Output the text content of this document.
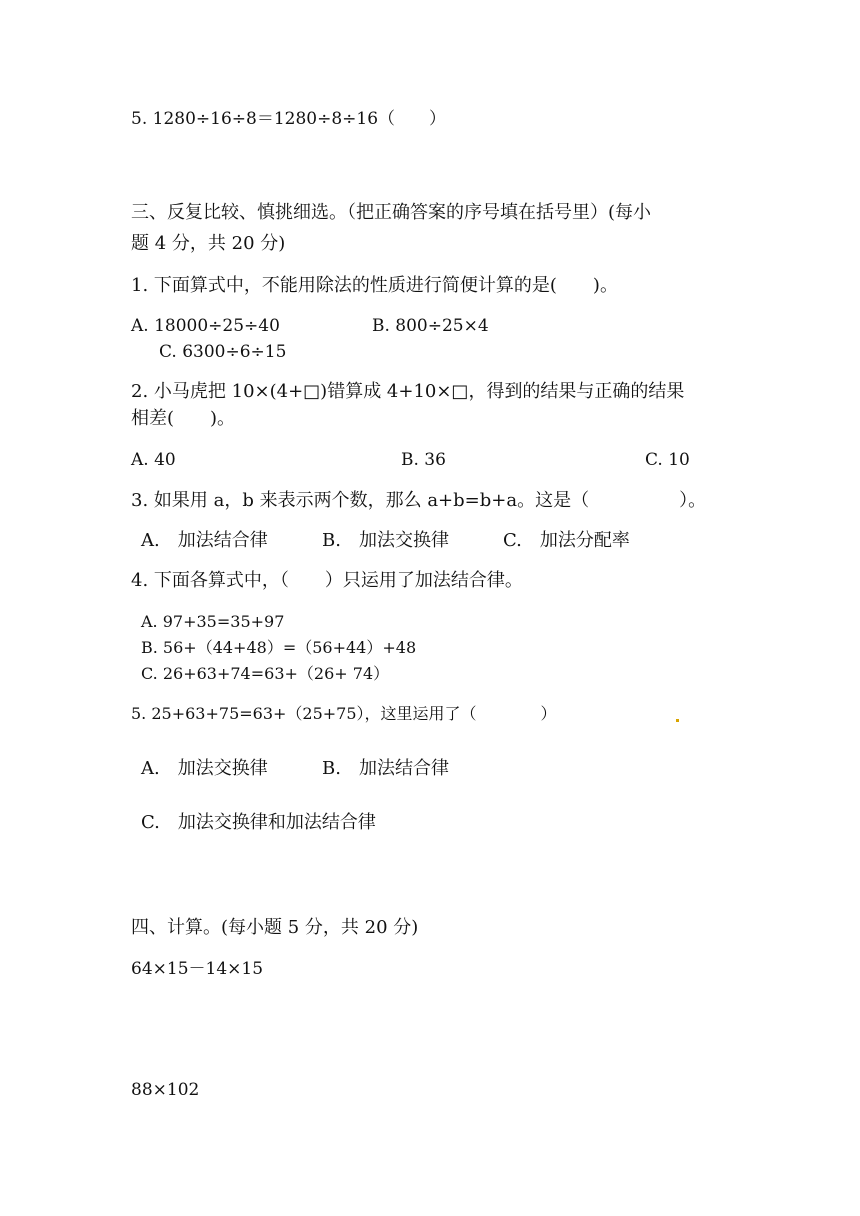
5. 1280÷16÷8＝1280÷8÷16（　　）
三、反复比较、慎挑细选。（把正确答案的序号填在括号里）(每小
题 4 分，共 20 分)
1. 下面算式中，不能用除法的性质进行简便计算的是(　　)。
A. 18000÷25÷40	B. 800÷25×4
C. 6300÷6÷15
2. 小马虎把 10×(4+□)错算成 4+10×□，得到的结果与正确的结果
相差(　　)。
A. 40	B. 36	C. 10
3. 如果用 a，b 来表示两个数，那么 a+b=b+a。这是（　　　　　）。
A.　加法结合律	B.　加法交换律	C.　加法分配率
4. 下面各算式中，（　　）只运用了加法结合律。
A. 97+35=35+97
B. 56+（44+48）=（56+44）+48
C. 26+63+74=63+（26+ 74）
5. 25+63+75=63+（25+75），这里运用了（　　　　）
A.　加法交换律	B.　加法结合律
C.　加法交换律和加法结合律
四、计算。(每小题 5 分，共 20 分)
64×15－14×15
88×102
